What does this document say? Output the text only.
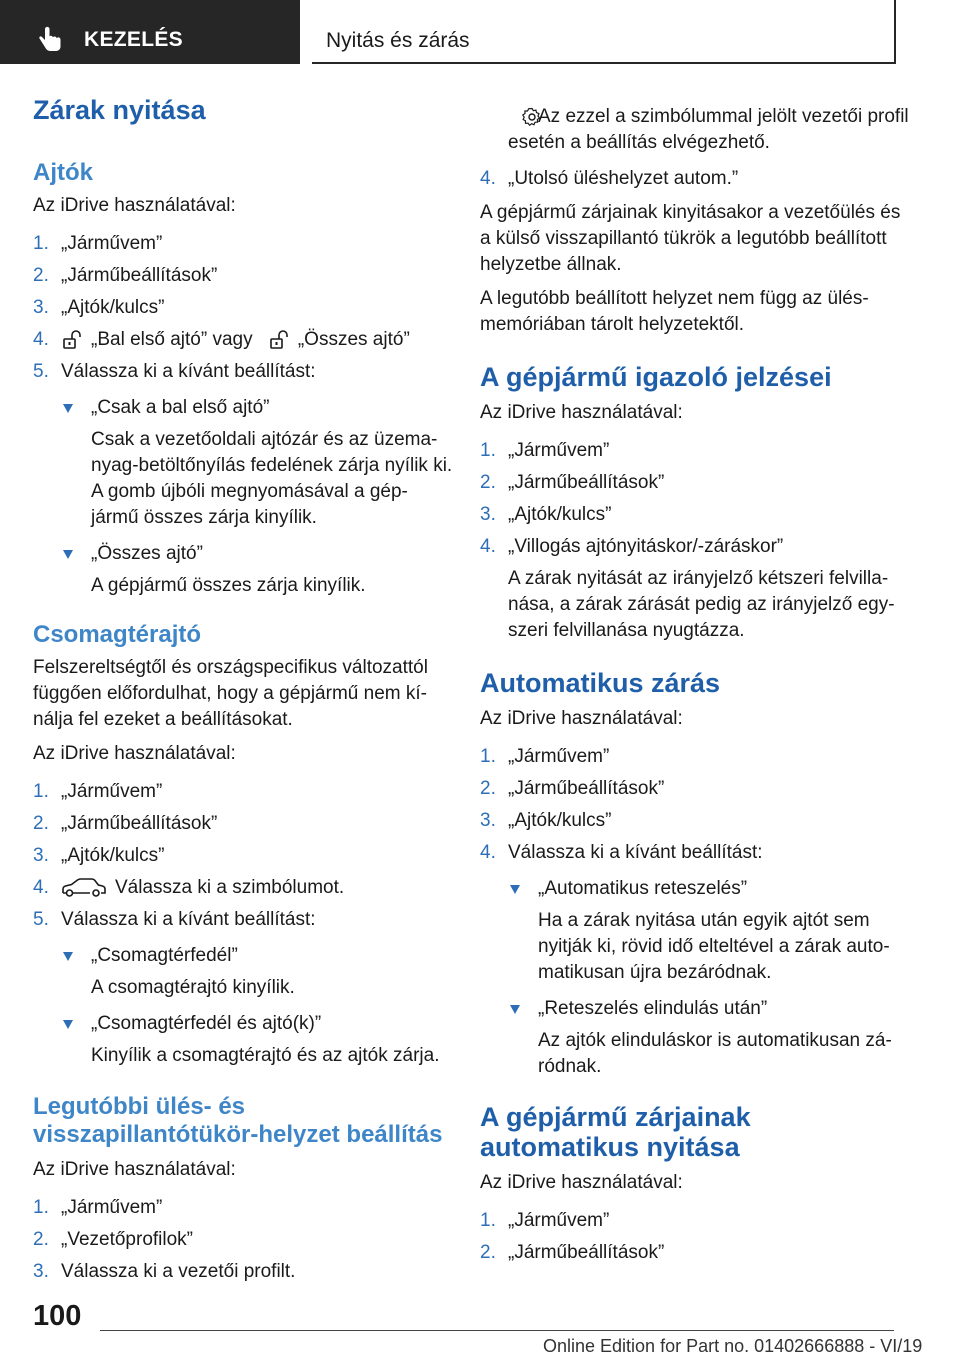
KEZELÉS	Nyitás és zárás
Zárak nyitása
Ajtók

Az iDrive használatával:

1. „Járművem”
2. „Járműbeállítások”
3. „Ajtók/kulcs”
4. „Bal első ajtó” vagy „Összes ajtó”
5. Válassza ki a kívánt beállítást:
„Csak a bal első ajtó”
Csak a vezetőoldali ajtózár és az üzema-nyag-betöltőnyílás fedelének zárja nyílik ki. A gomb újbóli megnyomásával a gép-jármű összes zárja kinyílik.
„Összes ajtó”
A gépjármű összes zárja kinyílik.
Csomagtérajtó

Felszereltségtől és országspecifikus változattól függően előfordulhat, hogy a gépjármű nem kí-nálja fel ezeket a beállításokat.

Az iDrive használatával:

1. „Járművem”
2. „Járműbeállítások”
3. „Ajtók/kulcs”
4.	Válassza ki a szimbólumot.
5. Válassza ki a kívánt beállítást:
„Csomagtérfedél”
A csomagtérajtó kinyílik.
„Csomagtérfedél és ajtó(k)”
Kinyílik a csomagtérajtó és az ajtók zárja.
Legutóbbi ülés- és visszapillantótükör-helyzet beállítás

Az iDrive használatával:

1. „Járművem”
2. „Vezetőprofilok”
3. Válassza ki a vezetői profilt.

Az ezzel a szimbólummal jelölt vezetői profil esetén a beállítás elvégezhető.

4. „Utolsó üléshelyzet autom.”

A gépjármű zárjainak kinyitásakor a vezetőülés és a külső visszapillantó tükrök a legutóbb beállított helyzetbe állnak.

A legutóbb beállított helyzet nem függ az ülés-memóriában tárolt helyzetektől.

A gépjármű igazoló jelzései

Az iDrive használatával:

1. „Járművem”
2. „Járműbeállítások”
3. „Ajtók/kulcs”
4. „Villogás ajtónyitáskor/-záráskor”
A zárak nyitását az irányjelző kétszeri felvilla-nása, a zárak zárását pedig az irányjelző egy-szeri felvillanása nyugtázza.
Automatikus zárás

Az iDrive használatával:

1. „Járművem”
2. „Járműbeállítások”
3. „Ajtók/kulcs”
4. Válassza ki a kívánt beállítást:
„Automatikus reteszelés”
Ha a zárak nyitása után egyik ajtót sem nyitják ki, rövid idő elteltével a zárak auto-matikusan újra bezáródnak.
„Reteszelés elindulás után”
Az ajtók elinduláskor is automatikusan zá-ródnak.
A gépjármű zárjainak automatikus nyitása

Az iDrive használatával:

1. „Járművem”
2. „Járműbeállítások”
100
Online Edition for Part no. 01402666888 - VI/19
